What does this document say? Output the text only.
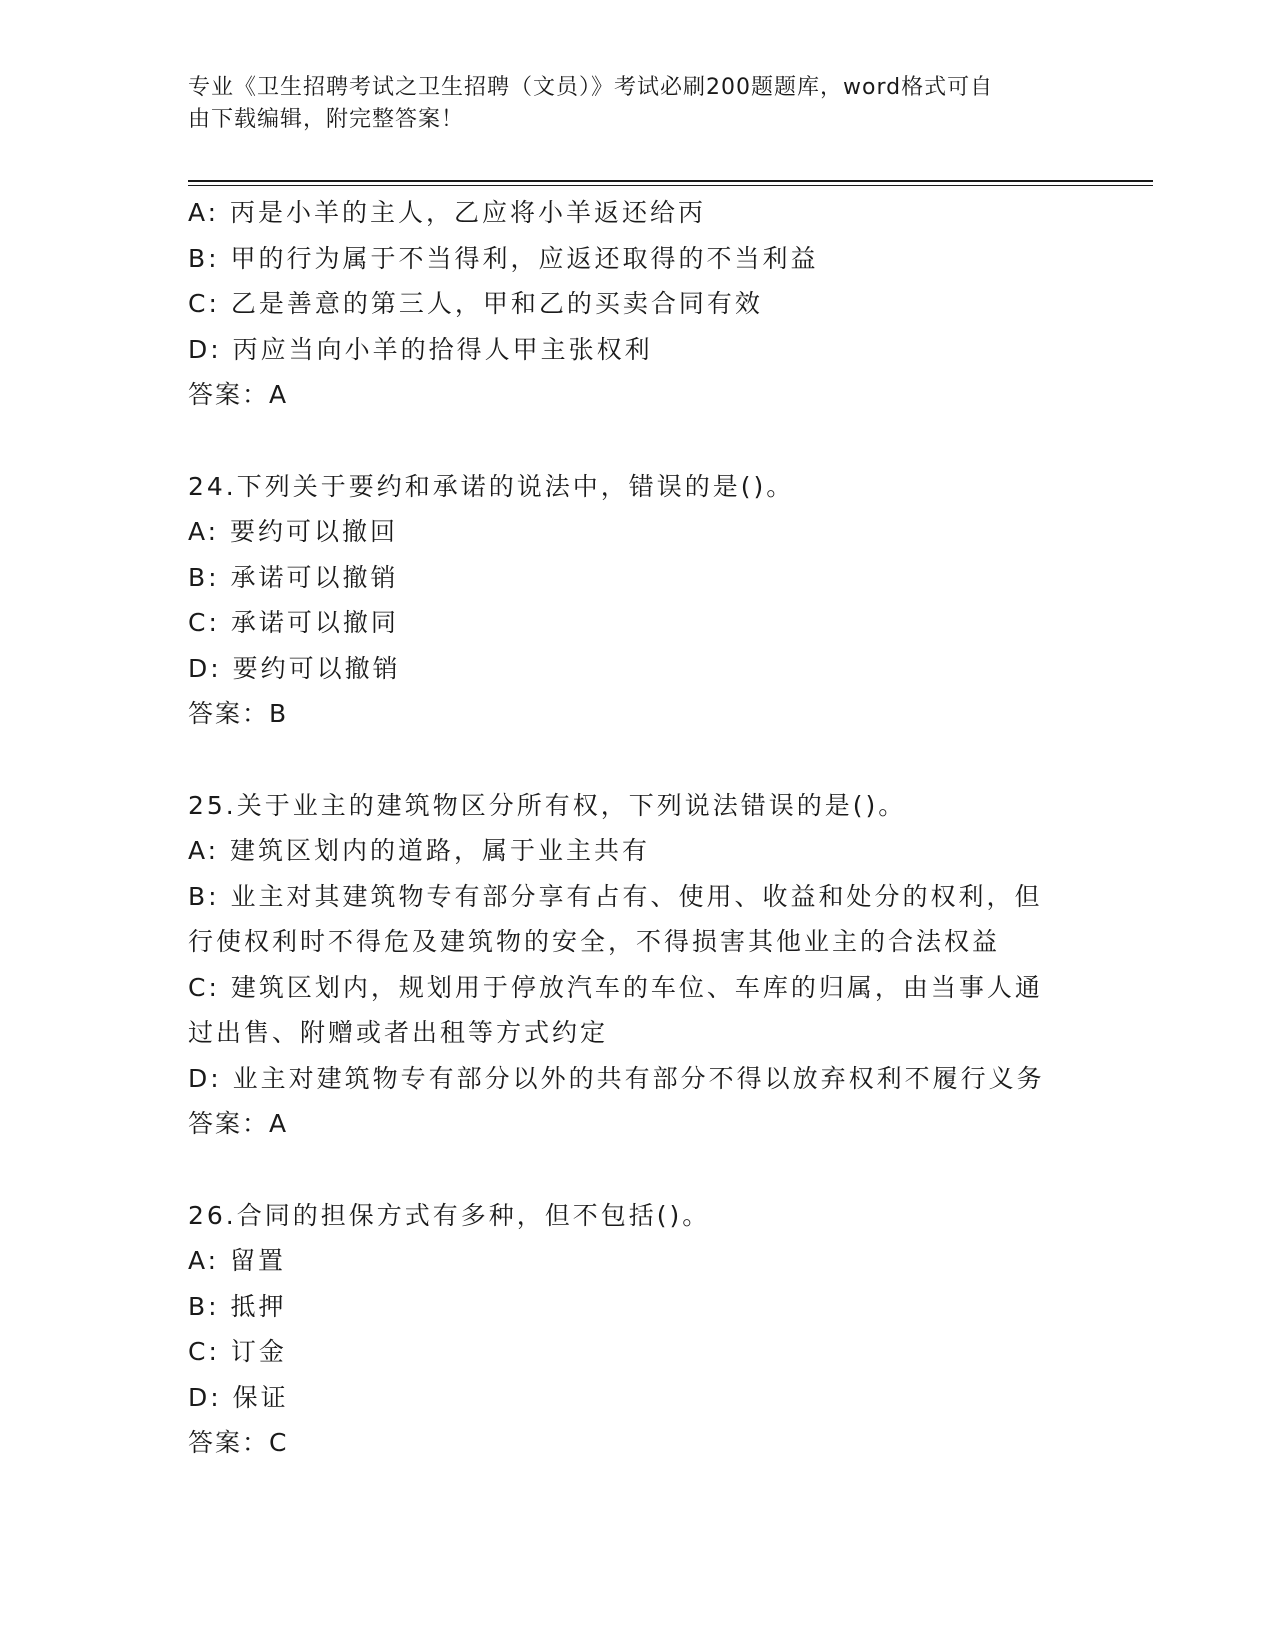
专业《卫生招聘考试之卫生招聘（文员）》考试必刷200题题库，word格式可自
由下载编辑，附完整答案！
A: 丙是小羊的主人，乙应将小羊返还给丙
B: 甲的行为属于不当得利，应返还取得的不当利益
C: 乙是善意的第三人，甲和乙的买卖合同有效
D: 丙应当向小羊的拾得人甲主张权利
答案：A
24.下列关于要约和承诺的说法中，错误的是()。
A: 要约可以撤回
B: 承诺可以撤销
C: 承诺可以撤同
D: 要约可以撤销
答案：B
25.关于业主的建筑物区分所有权，下列说法错误的是()。
A: 建筑区划内的道路，属于业主共有
B: 业主对其建筑物专有部分享有占有、使用、收益和处分的权利，但
行使权利时不得危及建筑物的安全，不得损害其他业主的合法权益
C: 建筑区划内，规划用于停放汽车的车位、车库的归属，由当事人通
过出售、附赠或者出租等方式约定
D: 业主对建筑物专有部分以外的共有部分不得以放弃权利不履行义务
答案：A
26.合同的担保方式有多种，但不包括()。
A: 留置
B: 抵押
C: 订金
D: 保证
答案：C
